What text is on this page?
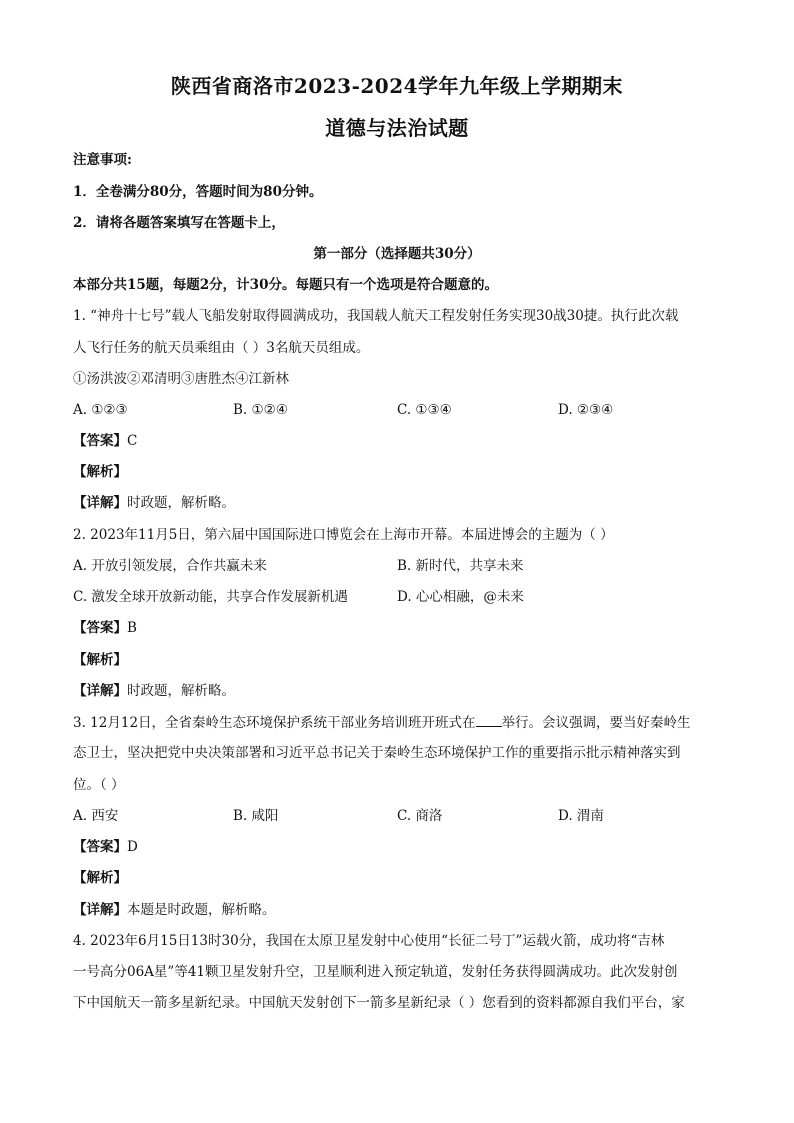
陕西省商洛市2023-2024学年九年级上学期期末
道德与法治试题
注意事项:
1．全卷满分80分，答题时间为80分钟。
2．请将各题答案填写在答题卡上，
第一部分（选择题共30分）
本部分共15题，每题2分，计30分。每题只有一个选项是符合题意的。
1. “神舟十七号”载人飞船发射取得圆满成功，我国载人航天工程发射任务实现30战30捷。执行此次载
人飞行任务的航天员乘组由（ ）3名航天员组成。
①汤洪波②邓清明③唐胜杰④江新林
A. ①②③	B. ①②④	C. ①③④	D. ②③④
【答案】C
【解析】
【详解】时政题，解析略。
2. 2023年11月5日，第六届中国国际进口博览会在上海市开幕。本届进博会的主题为（ ）
A. 开放引领发展，合作共赢未来	B. 新时代，共享未来
C. 激发全球开放新动能，共享合作发展新机遇	D. 心心相融，@未来
【答案】B
【解析】
【详解】时政题，解析略。
3. 12月12日，全省秦岭生态环境保护系统干部业务培训班开班式在 举行。会议强调，要当好秦岭生
态卫士，坚决把党中央决策部署和习近平总书记关于秦岭生态环境保护工作的重要指示批示精神落实到
位。（ ）
A. 西安	B. 咸阳	C. 商洛	D. 渭南
【答案】D
【解析】
【详解】本题是时政题，解析略。
4. 2023年6月15日13时30分，我国在太原卫星发射中心使用“长征二号丁”运载火箭，成功将“吉林
一号高分06A星”等41颗卫星发射升空，卫星顺利进入预定轨道，发射任务获得圆满成功。此次发射创
下中国航天一箭多星新纪录。中国航天发射创下一箭多星新纪录（ ）您看到的资料都源自我们平台，家
